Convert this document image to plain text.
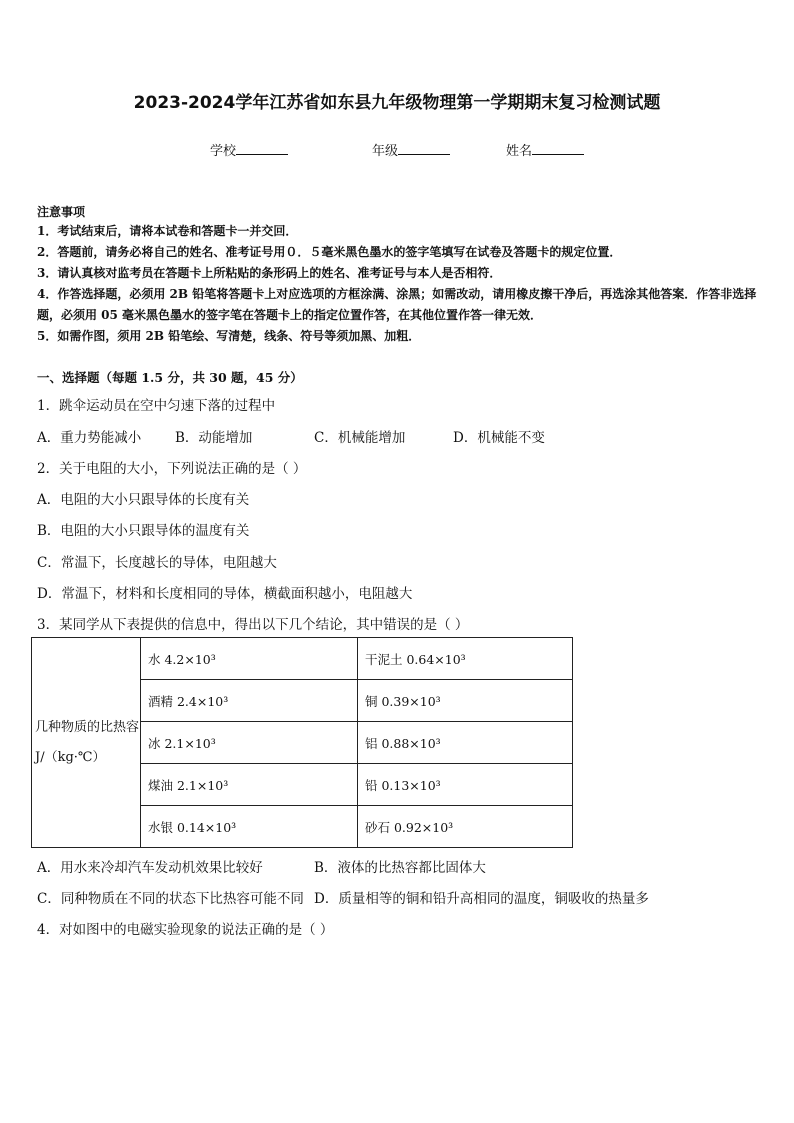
2023-2024学年江苏省如东县九年级物理第一学期期末复习检测试题
学校	年级	姓名
注意事项
1．考试结束后，请将本试卷和答题卡一并交回．
2．答题前，请务必将自己的姓名、准考证号用０．５毫米黑色墨水的签字笔填写在试卷及答题卡的规定位置．
3．请认真核对监考员在答题卡上所粘贴的条形码上的姓名、准考证号与本人是否相符．
4．作答选择题，必须用 2B 铅笔将答题卡上对应选项的方框涂满、涂黑；如需改动，请用橡皮擦干净后，再选涂其他答案．作答非选择题，必须用 05 毫米黑色墨水的签字笔在答题卡上的指定位置作答，在其他位置作答一律无效．
5．如需作图，须用 2B 铅笔绘、写清楚，线条、符号等须加黑、加粗．
一、选择题（每题 1.5 分，共 30 题，45 分）
1．跳伞运动员在空中匀速下落的过程中
A．重力势能减小	B．动能增加	C．机械能增加	D．机械能不变
2．关于电阻的大小，下列说法正确的是（ ）
A．电阻的大小只跟导体的长度有关
B．电阻的大小只跟导体的温度有关
C．常温下，长度越长的导体，电阻越大
D．常温下，材料和长度相同的导体，横截面积越小，电阻越大
3．某同学从下表提供的信息中，得出以下几个结论，其中错误的是（ ）
几种物质的比热容 J/（kg·℃）	水 4.2×10³	干泥土 0.64×10³
	酒精 2.4×10³	铜 0.39×10³
	冰 2.1×10³	铝 0.88×10³
	煤油 2.1×10³	铅 0.13×10³
	水银 0.14×10³	砂石 0.92×10³
A．用水来冷却汽车发动机效果比较好	B．液体的比热容都比固体大
C．同种物质在不同的状态下比热容可能不同 D．质量相等的铜和铅升高相同的温度，铜吸收的热量多
4．对如图中的电磁实验现象的说法正确的是（ ）
